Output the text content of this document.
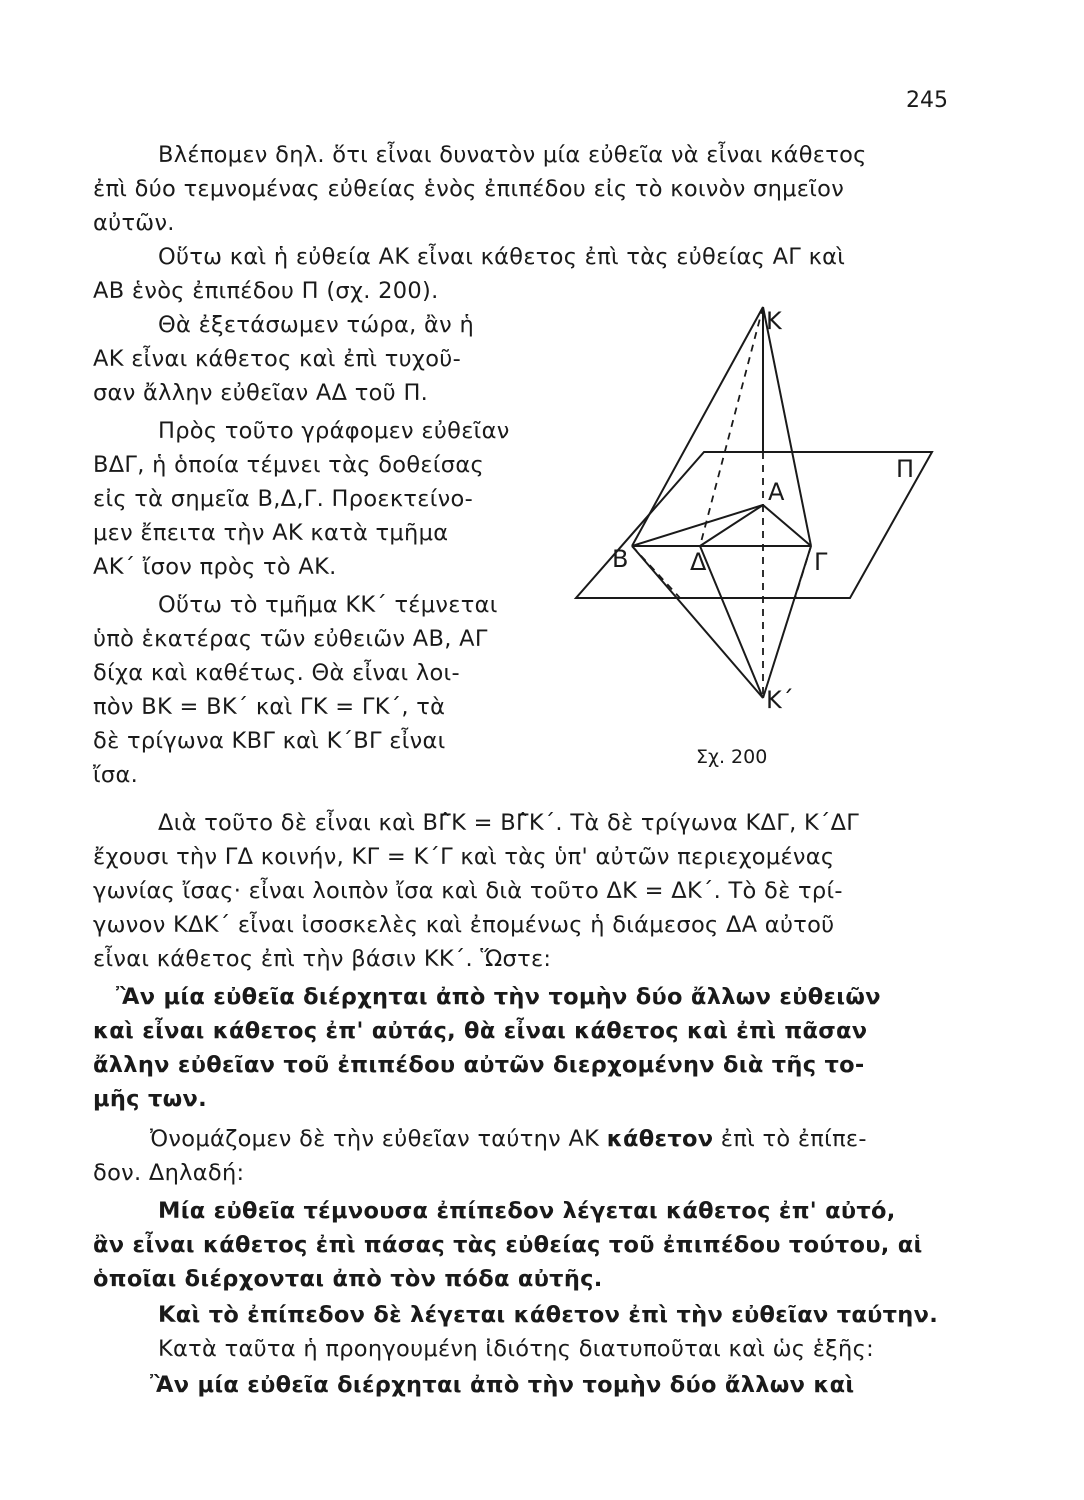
245
Βλέπομεν δηλ. ὅτι εἶναι δυνατὸν μία εὐθεῖα νὰ εἶναι κάθετος
ἐπὶ δύο τεμνομένας εὐθείας ἑνὸς ἐπιπέδου εἰς τὸ κοινὸν σημεῖον
αὐτῶν.
Οὕτω καὶ ἡ εὐθεία ΑΚ εἶναι κάθετος ἐπὶ τὰς εὐθείας ΑΓ καὶ
ΑΒ ἑνὸς ἐπιπέδου Π (σχ. 200).
Θὰ ἐξετάσωμεν τώρα, ἂν ἡ
ΑΚ εἶναι κάθετος καὶ ἐπὶ τυχοῦ-
σαν ἄλλην εὐθεῖαν ΑΔ τοῦ Π.
Πρὸς τοῦτο γράφομεν εὐθεῖαν
ΒΔΓ, ἡ ὁποία τέμνει τὰς δοθείσας
εἰς τὰ σημεῖα Β,Δ,Γ. Προεκτείνο-
μεν ἔπειτα τὴν ΑΚ κατὰ τμῆμα
ΑΚ΄ ἴσον πρὸς τὸ ΑΚ.
Οὕτω τὸ τμῆμα ΚΚ΄ τέμνεται
ὑπὸ ἑκατέρας τῶν εὐθειῶν ΑΒ, ΑΓ
δίχα καὶ καθέτως. Θὰ εἶναι λοι-
πὸν ΒΚ = ΒΚ΄ καὶ ΓΚ = ΓΚ΄, τὰ
δὲ τρίγωνα ΚΒΓ καὶ Κ΄ΒΓ εἶναι
ἴσα.
Διὰ τοῦτο δὲ εἶναι καὶ ΒΓ̂Κ = ΒΓ̂Κ΄. Τὰ δὲ τρίγωνα ΚΔΓ, Κ΄ΔΓ
ἔχουσι τὴν ΓΔ κοινήν, ΚΓ = Κ΄Γ καὶ τὰς ὑπ' αὐτῶν περιεχομένας
γωνίας ἴσας· εἶναι λοιπὸν ἴσα καὶ διὰ τοῦτο ΔΚ = ΔΚ΄. Τὸ δὲ τρί-
γωνον ΚΔΚ΄ εἶναι ἰσοσκελὲς καὶ ἐπομένως ἡ διάμεσος ΔΑ αὐτοῦ
εἶναι κάθετος ἐπὶ τὴν βάσιν ΚΚ΄. Ὥστε:
Ἂν μία εὐθεῖα διέρχηται ἀπὸ τὴν τομὴν δύο ἄλλων εὐθειῶν
καὶ εἶναι κάθετος ἐπ' αὐτάς, θὰ εἶναι κάθετος καὶ ἐπὶ πᾶσαν
ἄλλην εὐθεῖαν τοῦ ἐπιπέδου αὐτῶν διερχομένην διὰ τῆς το-
μῆς των.
Ὀνομάζομεν δὲ τὴν εὐθεῖαν ταύτην ΑΚ κάθετον ἐπὶ τὸ ἐπίπε-
δον. Δηλαδή:
Μία εὐθεῖα τέμνουσα ἐπίπεδον λέγεται κάθετος ἐπ' αὐτό,
ἂν εἶναι κάθετος ἐπὶ πάσας τὰς εὐθείας τοῦ ἐπιπέδου τούτου, αἱ
ὁποῖαι διέρχονται ἀπὸ τὸν πόδα αὐτῆς.
Καὶ τὸ ἐπίπεδον δὲ λέγεται κάθετον ἐπὶ τὴν εὐθεῖαν ταύτην.
Κατὰ ταῦτα ἡ προηγουμένη ἰδιότης διατυποῦται καὶ ὡς ἑξῆς:
Ἂν μία εὐθεῖα διέρχηται ἀπὸ τὴν τομὴν δύο ἄλλων καὶ
Κ
Α
Β	Δ	Γ
Π
Κ΄
Σχ. 200
